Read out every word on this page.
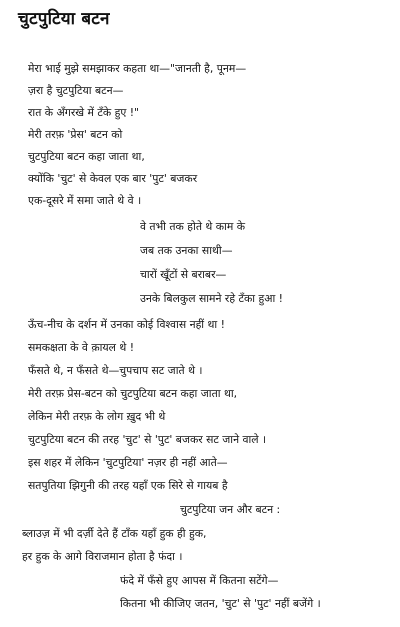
चुटपुटिया बटन
मेरा भाई मुझे समझाकर कहता था—"जानती है, पूनम—
ज़रा है चुटपुटिया बटन—
रात के अँगरखे में टँके हुए !"
मेरी तरफ़ 'प्रेस' बटन को
चुटपुटिया बटन कहा जाता था,
क्योंकि 'चुट' से केवल एक बार 'पुट' बजकर
एक-दूसरे में समा जाते थे वे ।
वे तभी तक होते थे काम के
जब तक उनका साथी—
चारों खूँटों से बराबर—
उनके बिलकुल सामने रहे टँका हुआ !
ऊँच-नीच के दर्शन में उनका कोई विश्वास नहीं था !
समकक्षता के वे क़ायल थे !
फँसते थे, न फँसते थे—चुपचाप सट जाते थे ।
मेरी तरफ़ प्रेस-बटन को चुटपुटिया बटन कहा जाता था,
लेकिन मेरी तरफ़ के लोग ख़ुद भी थे
चुटपुटिया बटन की तरह 'चुट' से 'पुट' बजकर सट जाने वाले ।
इस शहर में लेकिन 'चुटपुटिया' नज़र ही नहीं आते—
सतपुतिया झिगुनी की तरह यहाँ एक सिरे से गायब है
चुटपुटिया जन और बटन :
ब्लाउज़ में भी दर्ज़ी देते हैं टाँक यहाँ हुक ही हुक,
हर हुक के आगे विराजमान होता है फंदा ।
फंदे में फँसे हुए आपस में कितना सटेंगे—
कितना भी कीजिए जतन, 'चुट' से 'पुट' नहीं बजेंगे ।
